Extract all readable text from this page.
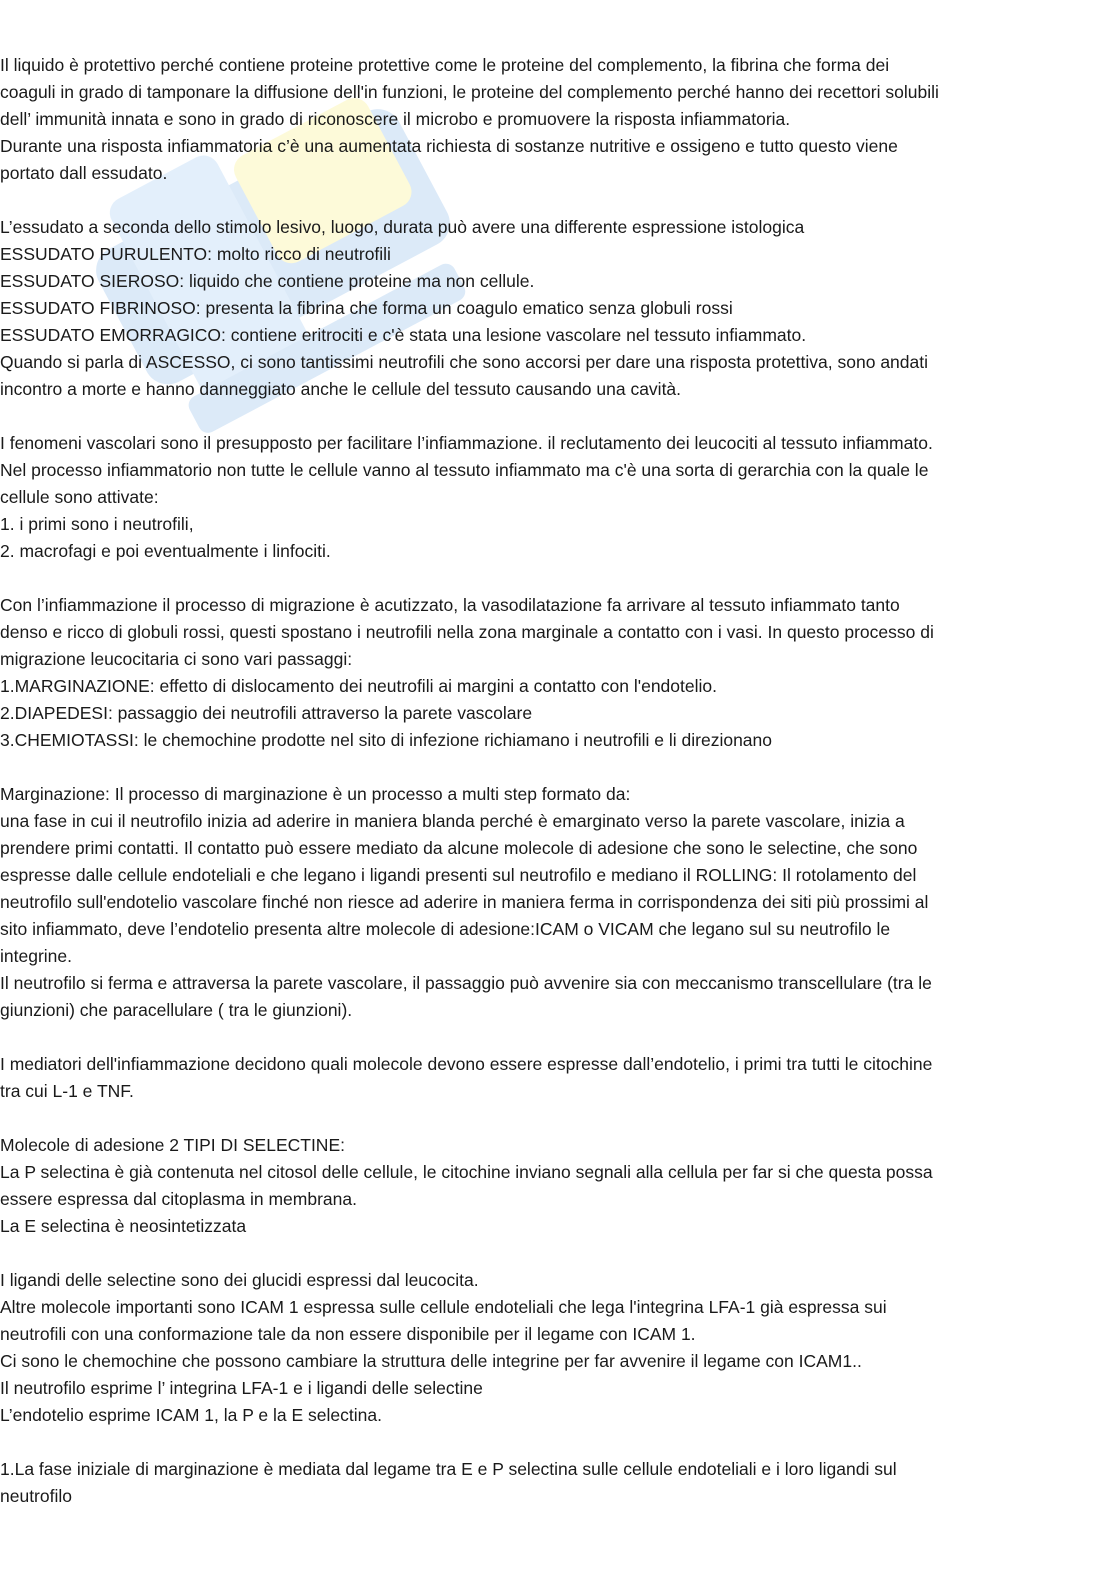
Il liquido è protettivo perché contiene proteine protettive come le proteine del complemento, la fibrina che forma dei
coaguli in grado di tamponare la diffusione dell'in funzioni, le proteine del complemento perché hanno dei recettori solubili
dell’ immunità innata e sono in grado di riconoscere il microbo e promuovere la risposta infiammatoria.
Durante una risposta infiammatoria c’è una aumentata richiesta di sostanze nutritive e ossigeno e tutto questo viene
portato dall essudato.
L’essudato a seconda dello stimolo lesivo, luogo, durata può avere una differente espressione istologica
ESSUDATO PURULENTO: molto ricco di neutrofili
ESSUDATO SIEROSO: liquido che contiene proteine ma non cellule.
ESSUDATO FIBRINOSO: presenta la fibrina che forma un coagulo ematico senza globuli rossi
ESSUDATO EMORRAGICO: contiene eritrociti e c'è stata una lesione vascolare nel tessuto infiammato.
Quando si parla di ASCESSO, ci sono tantissimi neutrofili che sono accorsi per dare una risposta protettiva, sono andati
incontro a morte e hanno danneggiato anche le cellule del tessuto causando una cavità.
I fenomeni vascolari sono il presupposto per facilitare l’infiammazione. il reclutamento dei leucociti al tessuto infiammato.
Nel processo infiammatorio non tutte le cellule vanno al tessuto infiammato ma c'è una sorta di gerarchia con la quale le
cellule sono attivate:
1. i primi sono i neutrofili,
2. macrofagi e poi eventualmente i linfociti.
Con l’infiammazione il processo di migrazione è acutizzato, la vasodilatazione fa arrivare al tessuto infiammato tanto
denso e ricco di globuli rossi, questi spostano i neutrofili nella zona marginale a contatto con i vasi. In questo processo di
migrazione leucocitaria ci sono vari passaggi:
1.MARGINAZIONE: effetto di dislocamento dei neutrofili ai margini a contatto con l'endotelio.
2.DIAPEDESI: passaggio dei neutrofili attraverso la parete vascolare
3.CHEMIOTASSI: le chemochine prodotte nel sito di infezione richiamano i neutrofili e li direzionano
Marginazione: Il processo di marginazione è un processo a multi step formato da:
una fase in cui il neutrofilo inizia ad aderire in maniera blanda perché è emarginato verso la parete vascolare, inizia a
prendere primi contatti. Il contatto può essere mediato da alcune molecole di adesione che sono le selectine, che sono
espresse dalle cellule endoteliali e che legano i ligandi presenti sul neutrofilo e mediano il ROLLING: Il rotolamento del
neutrofilo sull'endotelio vascolare finché non riesce ad aderire in maniera ferma in corrispondenza dei siti più prossimi al
sito infiammato, deve l’endotelio presenta altre molecole di adesione:ICAM o VICAM che legano sul su neutrofilo le
integrine.
Il neutrofilo si ferma e attraversa la parete vascolare, il passaggio può avvenire sia con meccanismo transcellulare (tra le
giunzioni) che paracellulare ( tra le giunzioni).
I mediatori dell'infiammazione decidono quali molecole devono essere espresse dall’endotelio, i primi tra tutti le citochine
tra cui L-1 e TNF.
Molecole di adesione 2 TIPI DI SELECTINE:
La P selectina è già contenuta nel citosol delle cellule, le citochine inviano segnali alla cellula per far si che questa possa
essere espressa dal citoplasma in membrana.
La E selectina è neosintetizzata
I ligandi delle selectine sono dei glucidi espressi dal leucocita.
Altre molecole importanti sono ICAM 1 espressa sulle cellule endoteliali che lega l'integrina LFA-1 già espressa sui
neutrofili con una conformazione tale da non essere disponibile per il legame con ICAM 1.
Ci sono le chemochine che possono cambiare la struttura delle integrine per far avvenire il legame con ICAM1..
Il neutrofilo esprime l’ integrina LFA-1 e i ligandi delle selectine
L’endotelio esprime ICAM 1, la P e la E selectina.
1.La fase iniziale di marginazione è mediata dal legame tra E e P selectina sulle cellule endoteliali e i loro ligandi sul
neutrofilo
